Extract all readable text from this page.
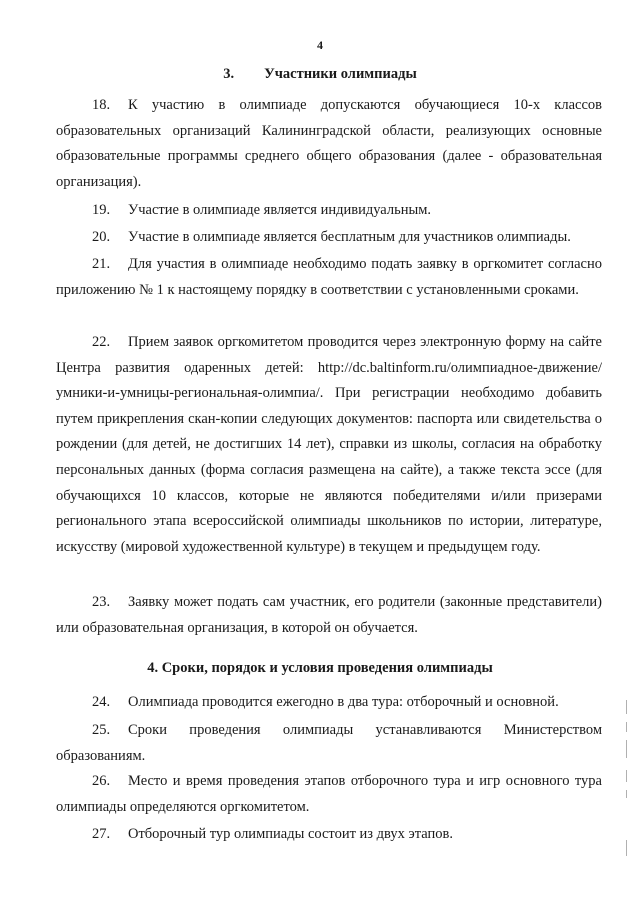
4
3. Участники олимпиады
18. К участию в олимпиаде допускаются обучающиеся 10-х классов образовательных организаций Калининградской области, реализующих основные образовательные программы среднего общего образования (далее - образовательная организация).
19. Участие в олимпиаде является индивидуальным.
20. Участие в олимпиаде является бесплатным для участников олимпиады.
21. Для участия в олимпиаде необходимо подать заявку в оргкомитет согласно приложению № 1 к настоящему порядку в соответствии с установленными сроками.
22. Прием заявок оргкомитетом проводится через электронную форму на сайте Центра развития одаренных детей: http://dc.baltinform.ru/олимпиадное-движение/умники-и-умницы-региональная-олимпиа/. При регистрации необходимо добавить путем прикрепления скан-копии следующих документов: паспорта или свидетельства о рождении (для детей, не достигших 14 лет), справки из школы, согласия на обработку персональных данных (форма согласия размещена на сайте), а также текста эссе (для обучающихся 10 классов, которые не являются победителями и/или призерами регионального этапа всероссийской олимпиады школьников по истории, литературе, искусству (мировой художественной культуре) в текущем и предыдущем году.
23. Заявку может подать сам участник, его родители (законные представители) или образовательная организация, в которой он обучается.
4. Сроки, порядок и условия проведения олимпиады
24. Олимпиада проводится ежегодно в два тура: отборочный и основной.
25. Сроки проведения олимпиады устанавливаются Министерством образованиям.
26. Место и время проведения этапов отборочного тура и игр основного тура олимпиады определяются оргкомитетом.
27. Отборочный тур олимпиады состоит из двух этапов.
